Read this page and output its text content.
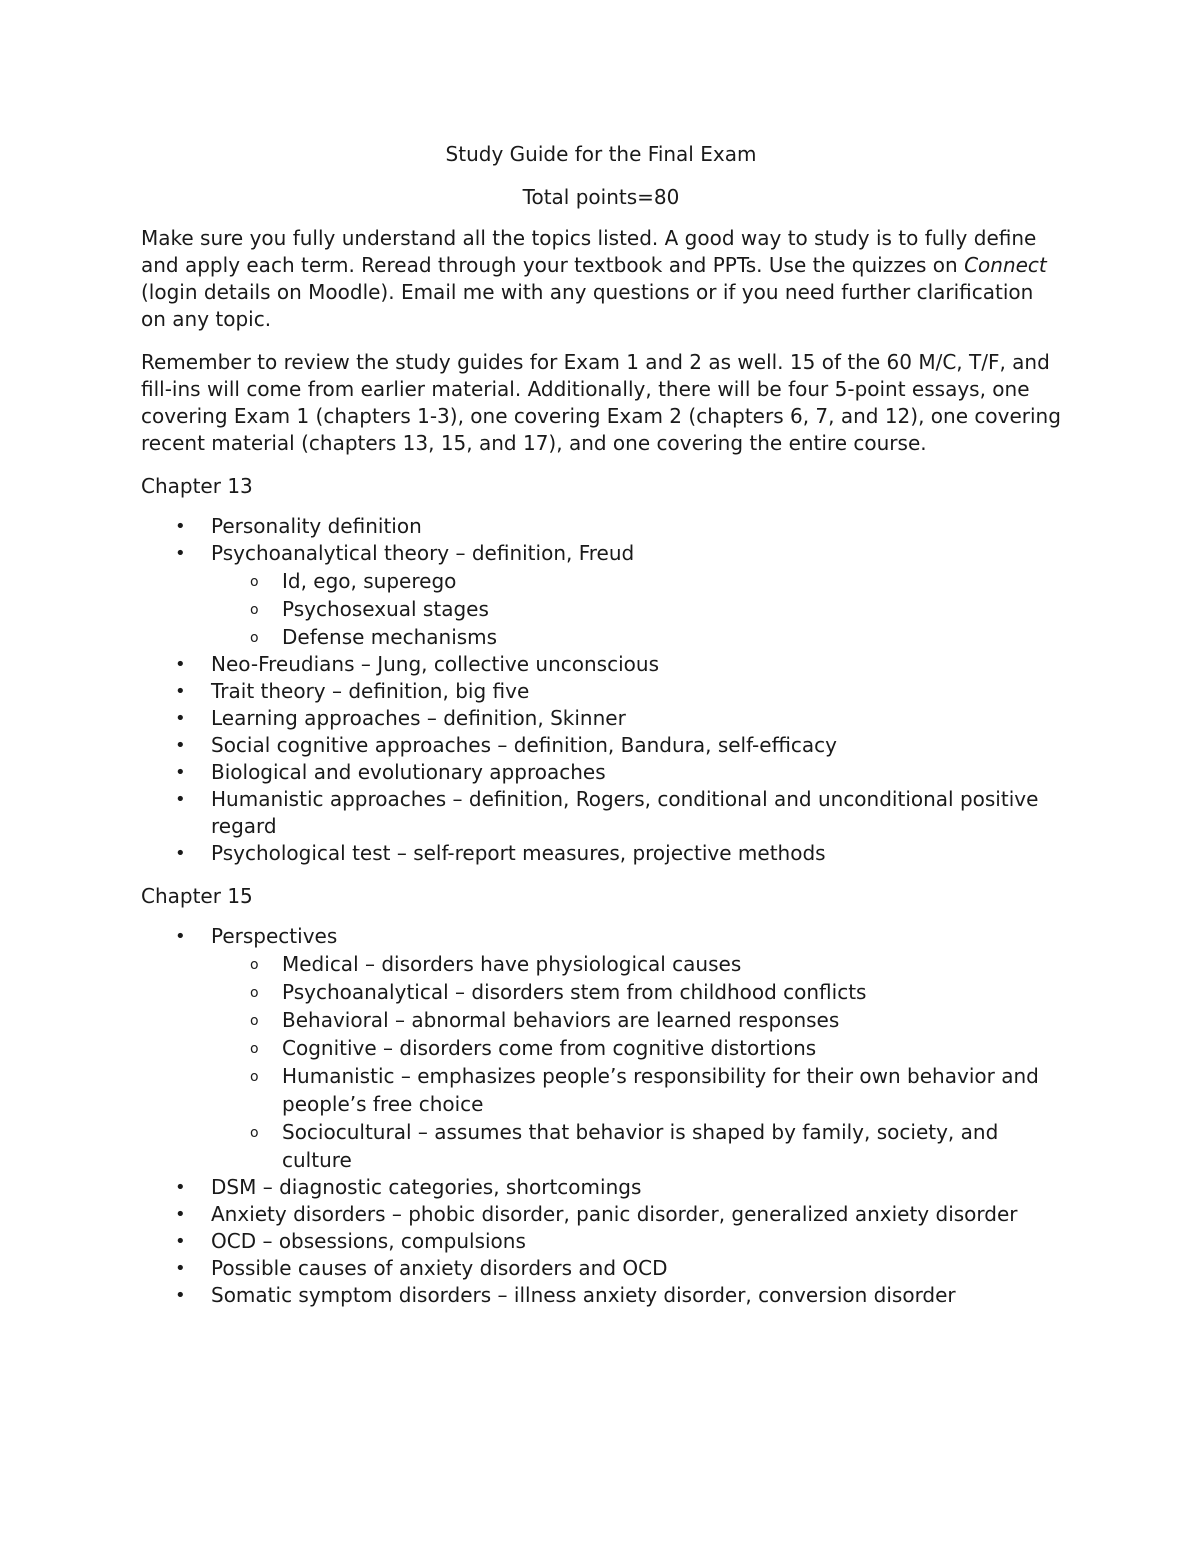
Study Guide for the Final Exam

Total points=80

Make sure you fully understand all the topics listed. A good way to study is to fully define and apply each term. Reread through your textbook and PPTs. Use the quizzes on Connect (login details on Moodle). Email me with any questions or if you need further clarification on any topic.

Remember to review the study guides for Exam 1 and 2 as well. 15 of the 60 M/C, T/F, and fill-ins will come from earlier material. Additionally, there will be four 5-point essays, one covering Exam 1 (chapters 1-3), one covering Exam 2 (chapters 6, 7, and 12), one covering recent material (chapters 13, 15, and 17), and one covering the entire course.

Chapter 13

•	Personality definition
•	Psychoanalytical theory – definition, Freud
o	Id, ego, superego
o	Psychosexual stages
o	Defense mechanisms
•	Neo-Freudians – Jung, collective unconscious
•	Trait theory – definition, big five
•	Learning approaches – definition, Skinner
•	Social cognitive approaches – definition, Bandura, self-efficacy
•	Biological and evolutionary approaches
•	Humanistic approaches – definition, Rogers, conditional and unconditional positive regard
•	Psychological test – self-report measures, projective methods

Chapter 15

•	Perspectives
o	Medical – disorders have physiological causes
o	Psychoanalytical – disorders stem from childhood conflicts
o	Behavioral – abnormal behaviors are learned responses
o	Cognitive – disorders come from cognitive distortions
o	Humanistic – emphasizes people’s responsibility for their own behavior and people’s free choice
o	Sociocultural – assumes that behavior is shaped by family, society, and culture
•	DSM – diagnostic categories, shortcomings
•	Anxiety disorders – phobic disorder, panic disorder, generalized anxiety disorder
•	OCD – obsessions, compulsions
•	Possible causes of anxiety disorders and OCD
•	Somatic symptom disorders – illness anxiety disorder, conversion disorder
